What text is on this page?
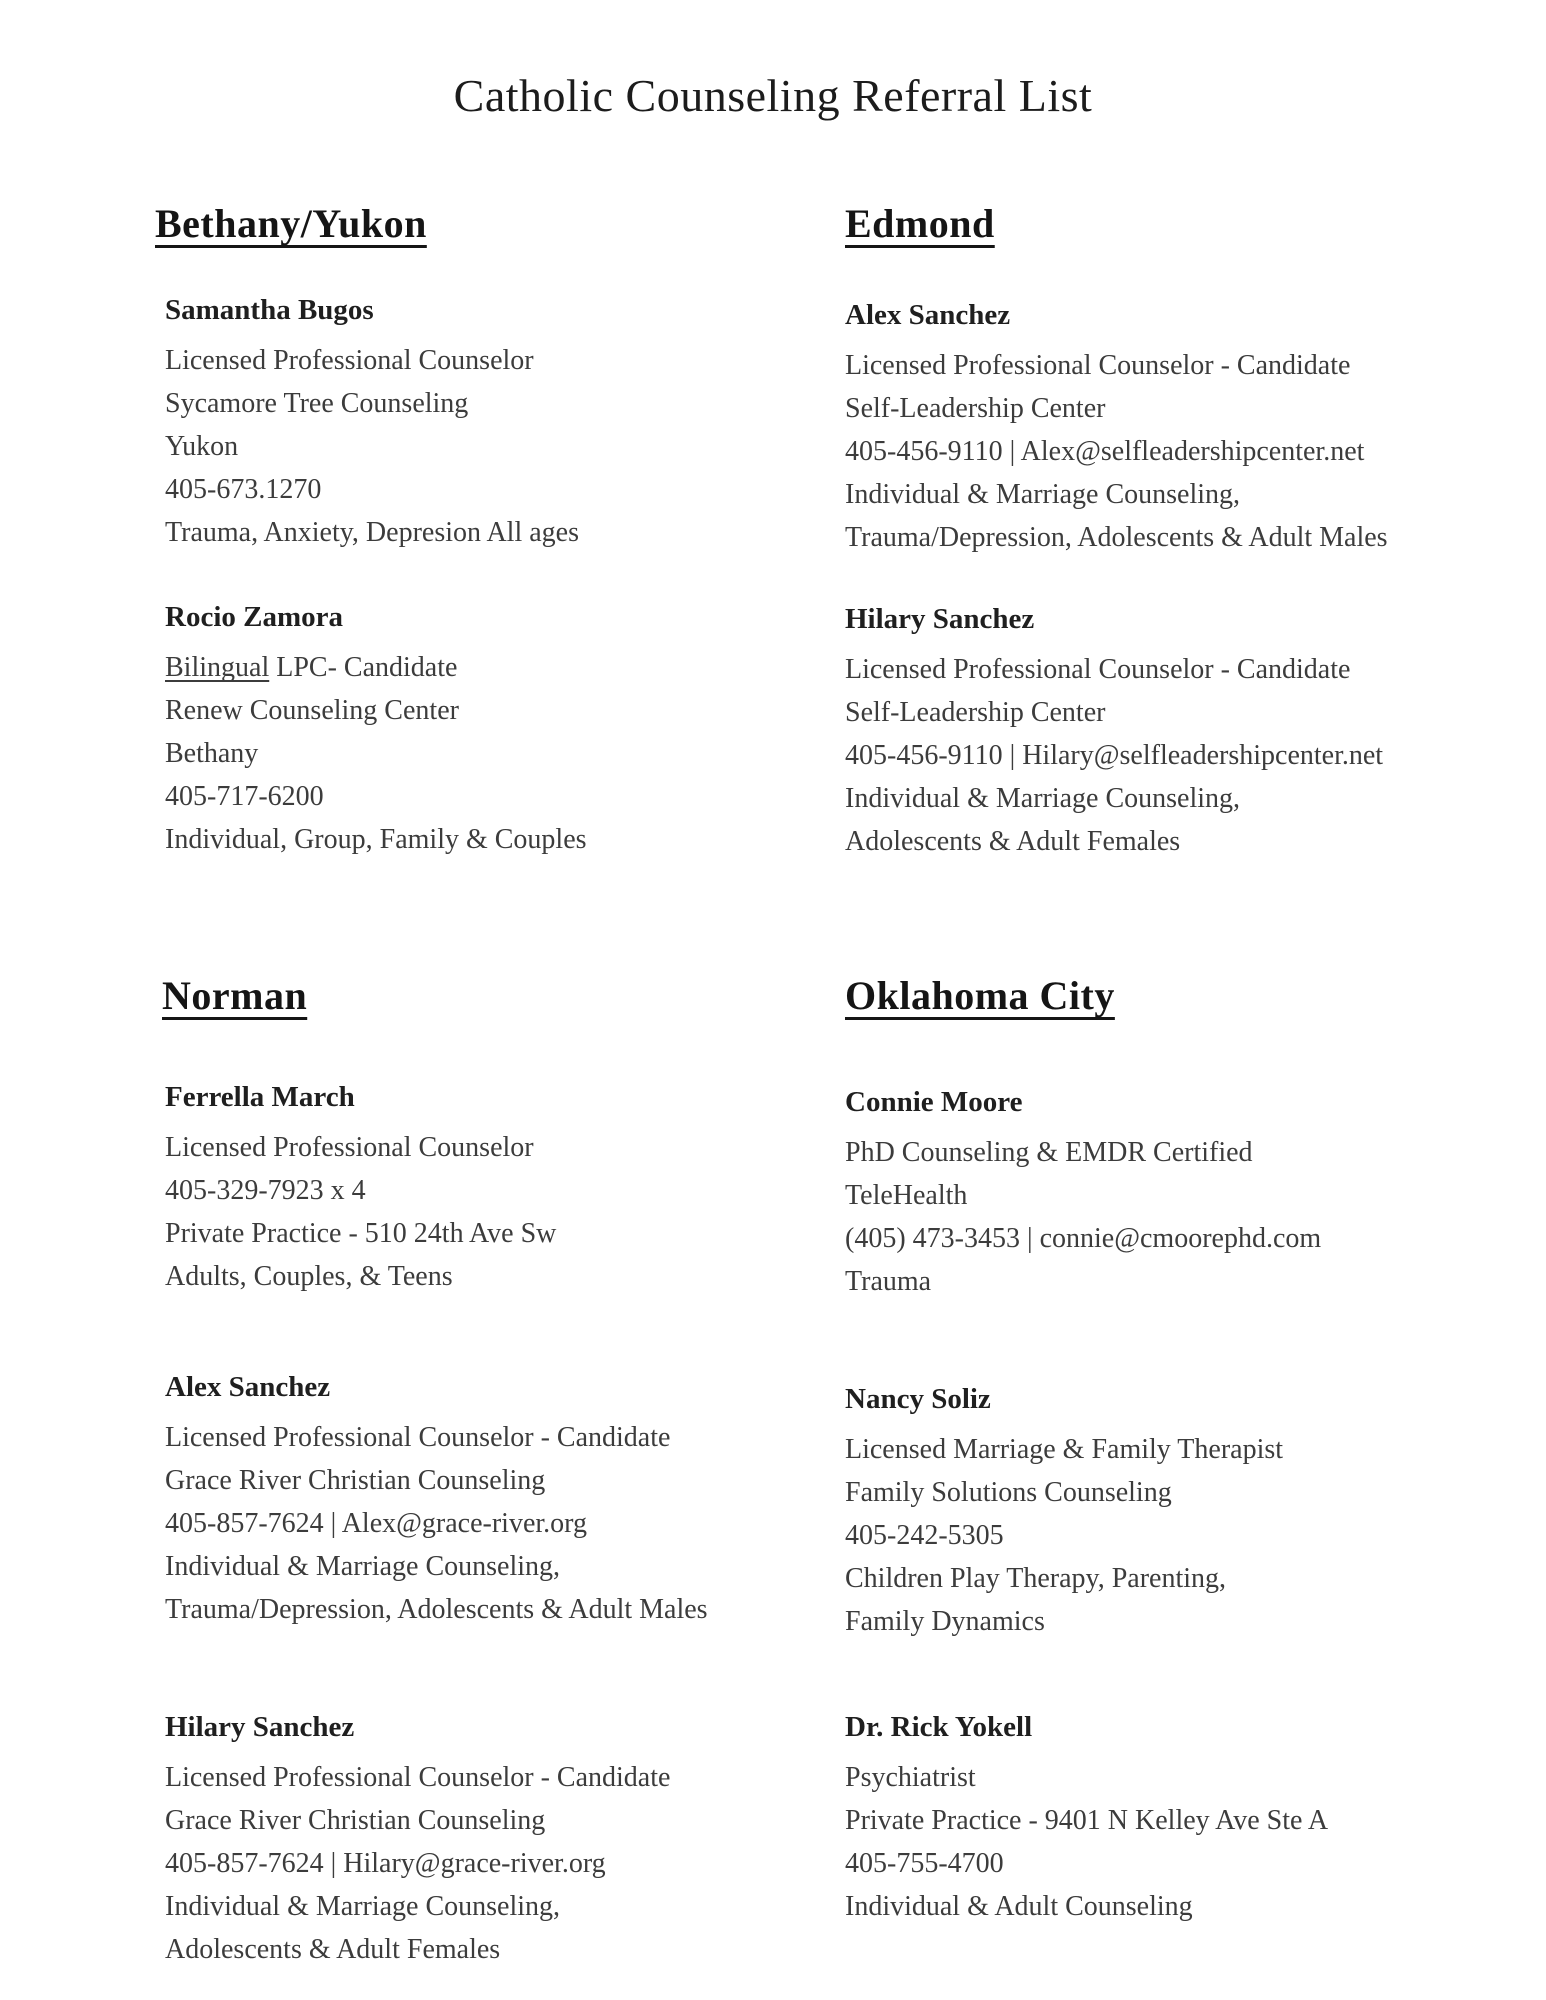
Catholic Counseling Referral List
Bethany/Yukon	Edmond
Samantha Bugos
Licensed Professional Counselor
Sycamore Tree Counseling
Yukon
405-673.1270
Trauma, Anxiety, Depresion All ages
Rocio Zamora
Bilingual LPC- Candidate
Renew Counseling Center
Bethany
405-717-6200
Individual, Group, Family & Couples
Alex Sanchez
Licensed Professional Counselor - Candidate
Self-Leadership Center
405-456-9110 | Alex@selfleadershipcenter.net
Individual & Marriage Counseling,
Trauma/Depression, Adolescents & Adult Males
Hilary Sanchez
Licensed Professional Counselor - Candidate
Self-Leadership Center
405-456-9110 | Hilary@selfleadershipcenter.net
Individual & Marriage Counseling,
Adolescents & Adult Females
Norman	Oklahoma City
Ferrella March
Licensed Professional Counselor
405-329-7923 x 4
Private Practice - 510 24th Ave Sw
Adults, Couples, & Teens
Connie Moore
PhD Counseling & EMDR Certified
TeleHealth
(405) 473-3453 | connie@cmoorephd.com
Trauma
Alex Sanchez
Licensed Professional Counselor - Candidate
Grace River Christian Counseling
405-857-7624 | Alex@grace-river.org
Individual & Marriage Counseling,
Trauma/Depression, Adolescents & Adult Males
Nancy Soliz
Licensed Marriage & Family Therapist
Family Solutions Counseling
405-242-5305
Children Play Therapy, Parenting,
Family Dynamics
Hilary Sanchez
Licensed Professional Counselor - Candidate
Grace River Christian Counseling
405-857-7624 | Hilary@grace-river.org
Individual & Marriage Counseling,
Adolescents & Adult Females
Dr. Rick Yokell
Psychiatrist
Private Practice - 9401 N Kelley Ave Ste A
405-755-4700
Individual & Adult Counseling
